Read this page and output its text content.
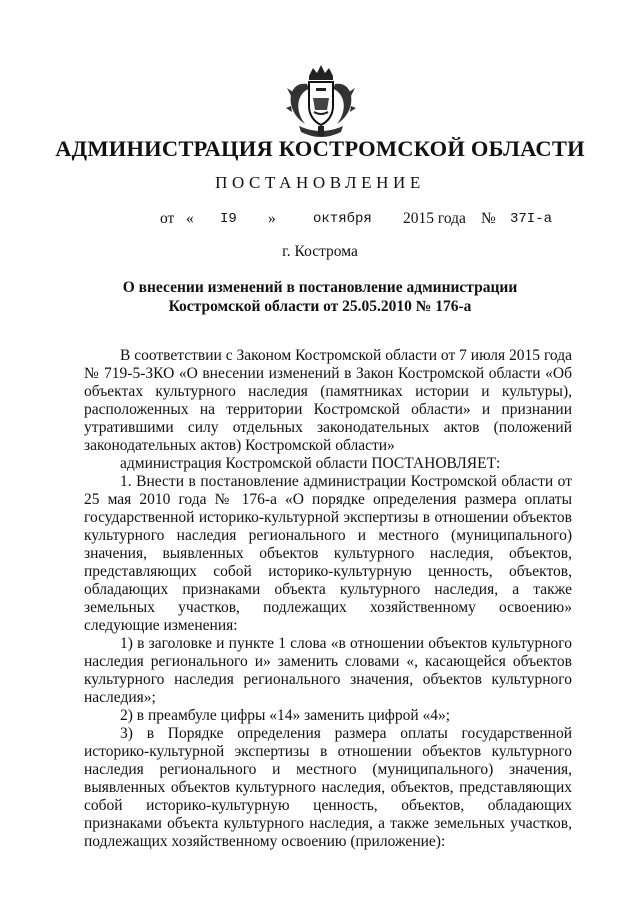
АДМИНИСТРАЦИЯ КОСТРОМСКОЙ ОБЛАСТИ
ПОСТАНОВЛЕНИЕ
от « I9 »	октября 2015 года № 37I-а
г. Кострома
О внесении изменений в постановление администрации
Костромской области от 25.05.2010 № 176-а

В соответствии с Законом Костромской области от 7 июля 2015 года № 719-5-ЗКО «О внесении изменений в Закон Костромской области «Об объектах культурного наследия (памятниках истории и культуры), расположенных на территории Костромской области» и признании утратившими силу отдельных законодательных актов (положений законодательных актов) Костромской области»

администрация Костромской области ПОСТАНОВЛЯЕТ:

1. Внести в постановление администрации Костромской области от 25 мая 2010 года № 176-а «О порядке определения размера оплаты государственной историко-культурной экспертизы в отношении объектов культурного наследия регионального и местного (муниципального) значения, выявленных объектов культурного наследия, объектов, представляющих собой историко-культурную ценность, объектов, обладающих признаками объекта культурного наследия, а также земельных участков, подлежащих хозяйственному освоению» следующие изменения:

1) в заголовке и пункте 1 слова «в отношении объектов культурного наследия регионального и» заменить словами «, касающейся объектов культурного наследия регионального значения, объектов культурного наследия»;

2) в преамбуле цифры «14» заменить цифрой «4»;

3) в Порядке определения размера оплаты государственной историко-культурной экспертизы в отношении объектов культурного наследия регионального и местного (муниципального) значения, выявленных объектов культурного наследия, объектов, представляющих собой историко-культурную ценность, объектов, обладающих признаками объекта культурного наследия, а также земельных участков, подлежащих хозяйственному освоению (приложение):
